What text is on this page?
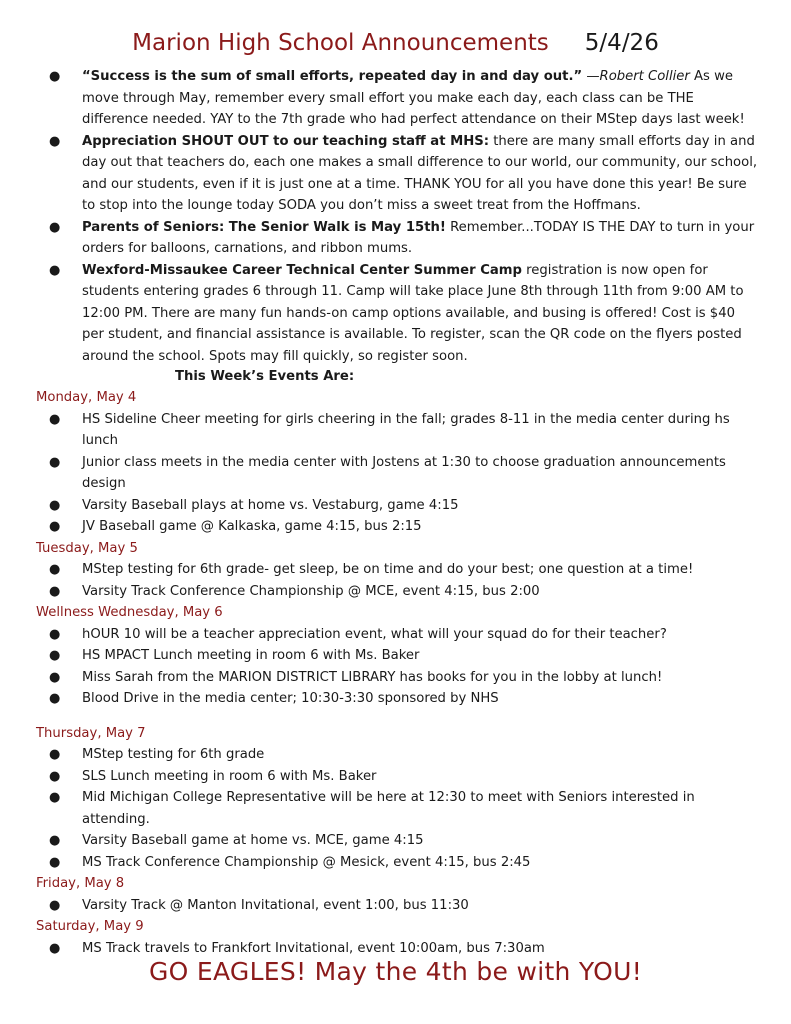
Marion High School Announcements 5/4/26

● “Success is the sum of small efforts, repeated day in and day out.” —Robert Collier As we move through May, remember every small effort you make each day, each class can be THE difference needed. YAY to the 7th grade who had perfect attendance on their MStep days last week!

● Appreciation SHOUT OUT to our teaching staff at MHS: there are many small efforts day in and day out that teachers do, each one makes a small difference to our world, our community, our school, and our students, even if it is just one at a time. THANK YOU for all you have done this year! Be sure to stop into the lounge today SODA you don’t miss a sweet treat from the Hoffmans.

● Parents of Seniors: The Senior Walk is May 15th! Remember...TODAY IS THE DAY to turn in your orders for balloons, carnations, and ribbon mums.

● Wexford-Missaukee Career Technical Center Summer Camp registration is now open for students entering grades 6 through 11. Camp will take place June 8th through 11th from 9:00 AM to 12:00 PM. There are many fun hands-on camp options available, and busing is offered! Cost is $40 per student, and financial assistance is available. To register, scan the QR code on the flyers posted around the school. Spots may fill quickly, so register soon.

This Week’s Events Are:

Monday, May 4

● HS Sideline Cheer meeting for girls cheering in the fall; grades 8-11 in the media center during hs lunch
● Junior class meets in the media center with Jostens at 1:30 to choose graduation announcements design
● Varsity Baseball plays at home vs. Vestaburg, game 4:15
● JV Baseball game @ Kalkaska, game 4:15, bus 2:15

Tuesday, May 5

● MStep testing for 6th grade- get sleep, be on time and do your best; one question at a time!
● Varsity Track Conference Championship @ MCE, event 4:15, bus 2:00

Wellness Wednesday, May 6

● hOUR 10 will be a teacher appreciation event, what will your squad do for their teacher?
● HS MPACT Lunch meeting in room 6 with Ms. Baker
● Miss Sarah from the MARION DISTRICT LIBRARY has books for you in the lobby at lunch!
● Blood Drive in the media center; 10:30-3:30 sponsored by NHS

Thursday, May 7

● MStep testing for 6th grade
● SLS Lunch meeting in room 6 with Ms. Baker
● Mid Michigan College Representative will be here at 12:30 to meet with Seniors interested in attending.
● Varsity Baseball game at home vs. MCE, game 4:15
● MS Track Conference Championship @ Mesick, event 4:15, bus 2:45

Friday, May 8

● Varsity Track @ Manton Invitational, event 1:00, bus 11:30

Saturday, May 9

● MS Track travels to Frankfort Invitational, event 10:00am, bus 7:30am
GO EAGLES! May the 4th be with YOU!
